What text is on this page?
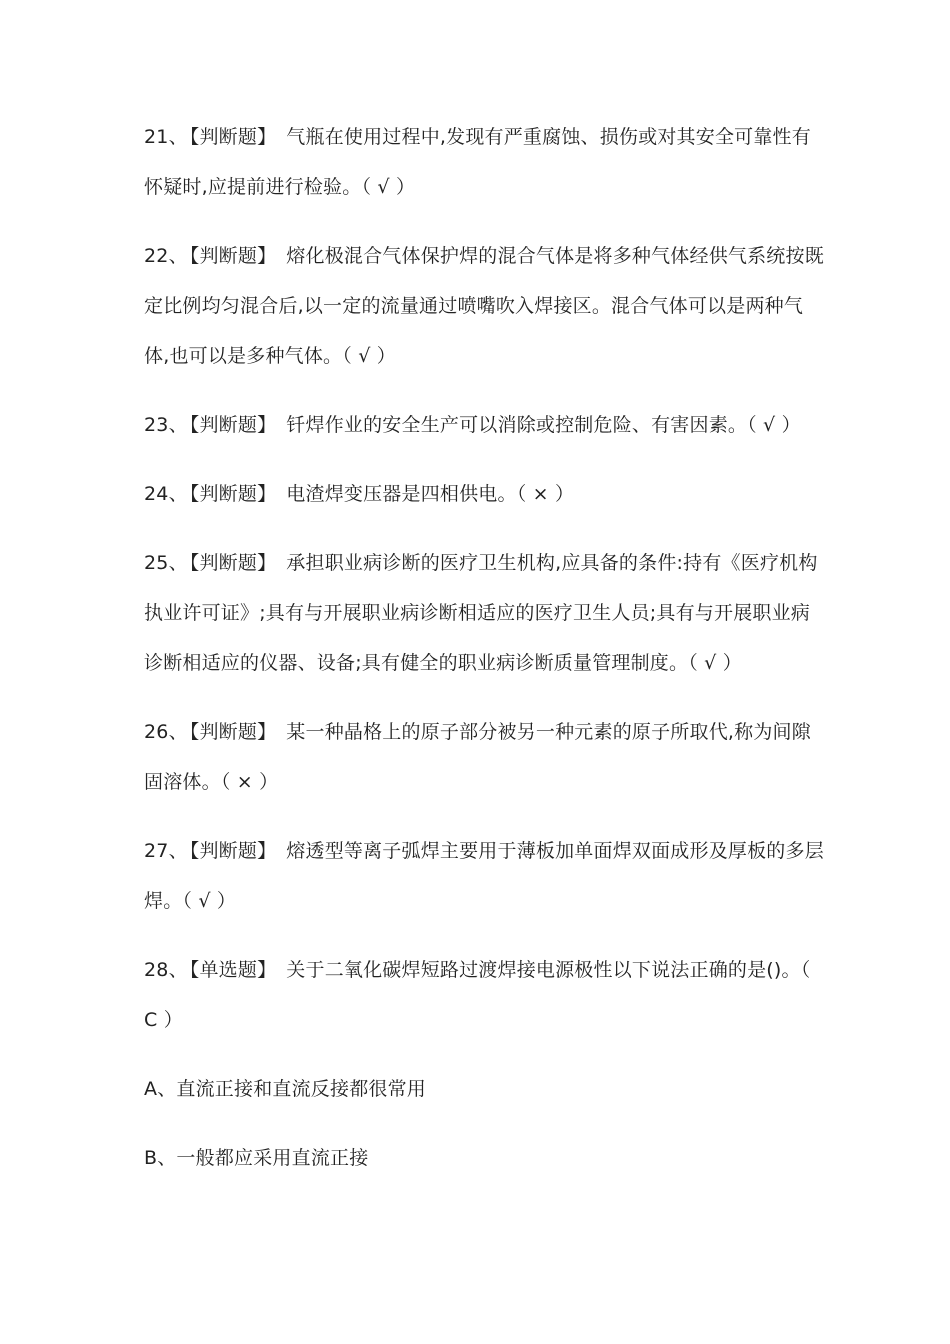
21、 【判断题】 气瓶在使用过程中,发现有严重腐蚀、损伤或对其安全可靠性有怀疑时,应提前进行检验。（ √ ）

22、 【判断题】 熔化极混合气体保护焊的混合气体是将多种气体经供气系统按既定比例均匀混合后,以一定的流量通过喷嘴吹入焊接区。混合气体可以是两种气体,也可以是多种气体。（ √ ）

23、 【判断题】 钎焊作业的安全生产可以消除或控制危险、有害因素。（ √ ）

24、 【判断题】 电渣焊变压器是四相供电。（ × ）

25、 【判断题】 承担职业病诊断的医疗卫生机构,应具备的条件:持有《医疗机构执业许可证》;具有与开展职业病诊断相适应的医疗卫生人员;具有与开展职业病诊断相适应的仪器、设备;具有健全的职业病诊断质量管理制度。（ √ ）

26、 【判断题】 某一种晶格上的原子部分被另一种元素的原子所取代,称为间隙固溶体。（ × ）

27、 【判断题】 熔透型等离子弧焊主要用于薄板加单面焊双面成形及厚板的多层焊。（ √ ）

28、 【单选题】 关于二氧化碳焊短路过渡焊接电源极性以下说法正确的是()。（ C ）

A、直流正接和直流反接都很常用

B、一般都应采用直流正接
